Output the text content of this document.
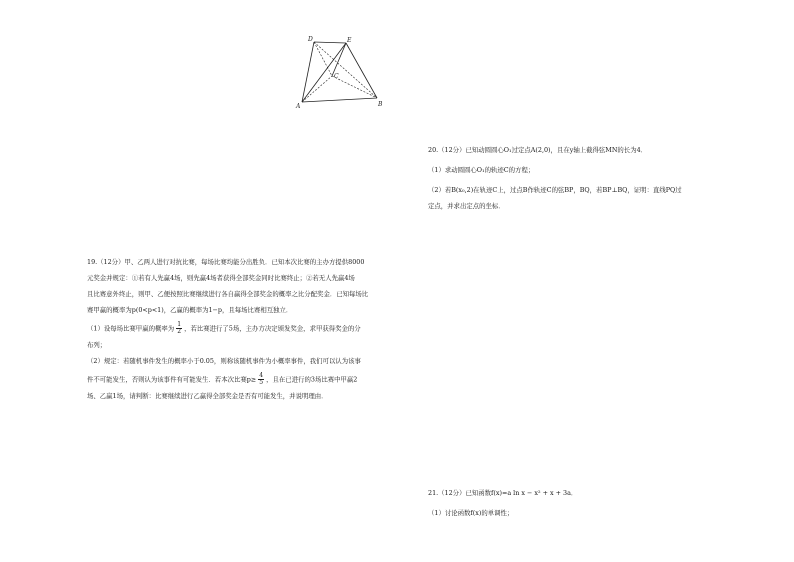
D	E
C
A	B

20.（12分）已知动圆圆心O₁过定点A(2,0)，且在y轴上截得弦MN的长为4．

（1）求动圆圆心O₁的轨迹C的方程；

（2）若B(x₀,2)在轨迹C上，过点B作轨迹C的弦BP，BQ，若BP⊥BQ，证明：直线PQ过

定点，并求出定点的坐标．

19.（12分）甲、乙两人进行对抗比赛，每场比赛均能分出胜负．已知本次比赛的主办方提供8000

元奖金并规定：①若有人先赢4场，则先赢4场者获得全部奖金同时比赛终止；②若无人先赢4场

且比赛意外终止，则甲、乙便按照比赛继续进行各自赢得全部奖金的概率之比分配奖金．已知每场比

赛甲赢的概率为p(0<p<1)，乙赢的概率为1−p，且每场比赛相互独立．

（1）设每场比赛甲赢的概率为 $\frac{1}{2}$ ，若比赛进行了5场，主办方决定颁发奖金，求甲获得奖金的分

布列；

（2）规定：若随机事件发生的概率小于0.05，则称该随机事件为小概率事件，我们可以认为该事

件不可能发生，否则认为该事件有可能发生．若本次比赛$p\ge \frac{4}{5}$ ，且在已进行的3场比赛中甲赢2

场、乙赢1场，请判断：比赛继续进行乙赢得全部奖金是否有可能发生，并说明理由．

21.（12分）已知函数f(x)=a ln x − x² + x + 3a．

（1）讨论函数f(x)的单调性；
